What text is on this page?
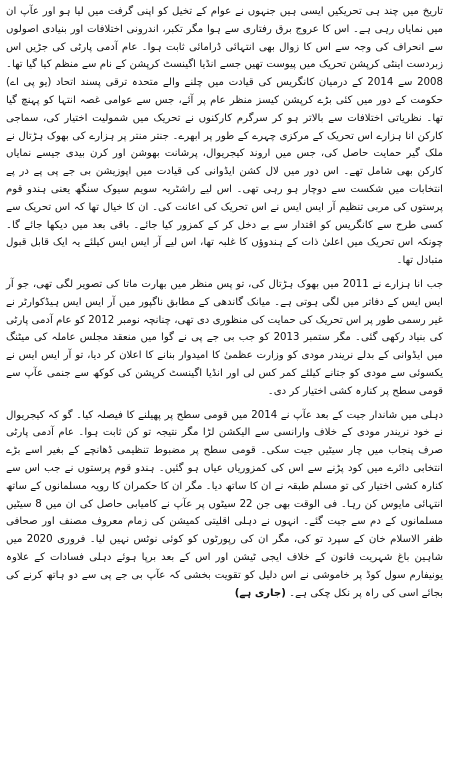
تاریخ میں چند ہی تحریکیں ایسی ہیں جنہوں نے عوام کے تخیل کو اپنی گرفت میں لیا ہو اور عآپ ان میں نمایاں رہی ہے۔ اس کا عروج برق رفتاری سے ہوا مگر تکبر، اندرونی اختلافات اور بنیادی اصولوں سے انحراف کی وجہ سے اس کا زوال بھی انتہائی ڈرامائی ثابت ہوا۔ عام آدمی پارٹی کی جڑیں اس زبردست اینٹی کرپشن تحریک میں پیوست تھیں جسے انڈیا اگینسٹ کرپشن کے نام سے منظم کیا گیا تھا۔ 2008 سے 2014 کے درمیان کانگریس کی قیادت میں چلنے والے متحدہ ترقی پسند اتحاد (یو پی اے) حکومت کے دور میں کئی بڑے کرپشن کیسز منظر عام پر آئے، جس سے عوامی غصہ انتہا کو پہنچ گیا تھا۔ نظریاتی اختلافات سے بالاتر ہو کر سرگرم کارکنوں نے تحریک میں شمولیت اختیار کی، سماجی کارکن انا ہزارے اس تحریک کے مرکزی چہرے کے طور پر ابھرے۔ جنتر منتر پر ہزارے کی بھوک ہڑتال نے ملک گیر حمایت حاصل کی، جس میں اروند کیجریوال، پرشانت بھوشن اور کرن بیدی جیسے نمایاں کارکن بھی شامل تھے۔ اس دور میں لال کشن ایڈوانی کی قیادت میں اپوزیشن بی جے پی پے در پے انتخابات میں شکست سے دوچار ہو رہی تھی۔ اس لیے راشٹریہ سویم سیوک سنگھ یعنی ہندو قوم پرستوں کی مربی تنظیم آر ایس ایس نے اس تحریک کی اعانت کی۔ ان کا خیال تھا کہ اس تحریک سے کسی طرح سے کانگریس کو اقتدار سے بے دخل کر کے کمزور کیا جائے۔ باقی بعد میں دیکھا جائے گا۔ چونکہ اس تحریک میں اعلیٰ ذات کے ہندوؤں کا غلبہ تھا، اس لیے آر ایس ایس کیلئے یہ ایک قابل قبول متبادل تھا۔

جب انا ہزارے نے 2011 میں بھوک ہڑتال کی، تو پس منظر میں بھارت ماتا کی تصویر لگی تھی، جو آر ایس ایس کے دفاتر میں لگی ہوتی ہے۔ میانک گاندھی کے مطابق ناگپور میں آر ایس ایس ہیڈکوارٹر نے غیر رسمی طور پر اس تحریک کی حمایت کی منظوری دی تھی، چنانچہ نومبر 2012 کو عام آدمی پارٹی کی بنیاد رکھی گئی۔ مگر ستمبر 2013 کو جب بی جے پی نے گوا میں منعقد مجلس عاملہ کی میٹنگ میں ایڈوانی کے بدلے نریندر مودی کو وزارت عظمیٰ کا امیدوار بنانے کا اعلان کر دیا، تو آر ایس ایس نے یکسوئی سے مودی کو جتانے کیلئے کمر کس لی اور انڈیا اگینسٹ کرپشن کی کوکھ سے جنمی عآپ سے قومی سطح پر کنارہ کشی اختیار کر دی۔

دہلی میں شاندار جیت کے بعد عآپ نے 2014 میں قومی سطح پر پھیلنے کا فیصلہ کیا۔ گو کہ کیجریوال نے خود نریندر مودی کے خلاف وارانسی سے الیکشن لڑا مگر نتیجہ تو کن ثابت ہوا۔ عام آدمی پارٹی صرف پنجاب میں چار سیٹیں جیت سکی۔ قومی سطح پر مضبوط تنظیمی ڈھانچے کے بغیر اسے بڑے انتخابی دائرے میں کود پڑنے سے اس کی کمزوریاں عیاں ہو گئیں۔ ہندو قوم پرستوں نے جب اس سے کنارہ کشی اختیار کی تو مسلم طبقہ نے ان کا ساتھ دیا۔ مگر ان کا حکمران کا رویہ مسلمانوں کے ساتھ انتہائی مایوس کن رہا۔ فی الوقت بھی جن 22 سیٹوں پر عآپ نے کامیابی حاصل کی ان میں 8 سیٹیں مسلمانوں کے دم سے جیت گئے۔ انہوں نے دہلی اقلیتی کمیشن کی زمام معروف مصنف اور صحافی ظفر الاسلام خان کے سپرد تو کی، مگر ان کی رپورٹوں کو کوئی نوٹس نہیں لیا۔ فروری 2020 میں شاہین باغ شہریت قانون کے خلاف ایجی ٹیشن اور اس کے بعد برپا ہوئے دہلی فسادات کے علاوہ یونیفارم سول کوڈ پر خاموشی نے اس دلیل کو تقویت بخشی کہ عآپ بی جے پی سے دو ہاتھ کرنے کی بجائے اسی کی راہ پر نکل چکی ہے۔ (جاری ہے)
